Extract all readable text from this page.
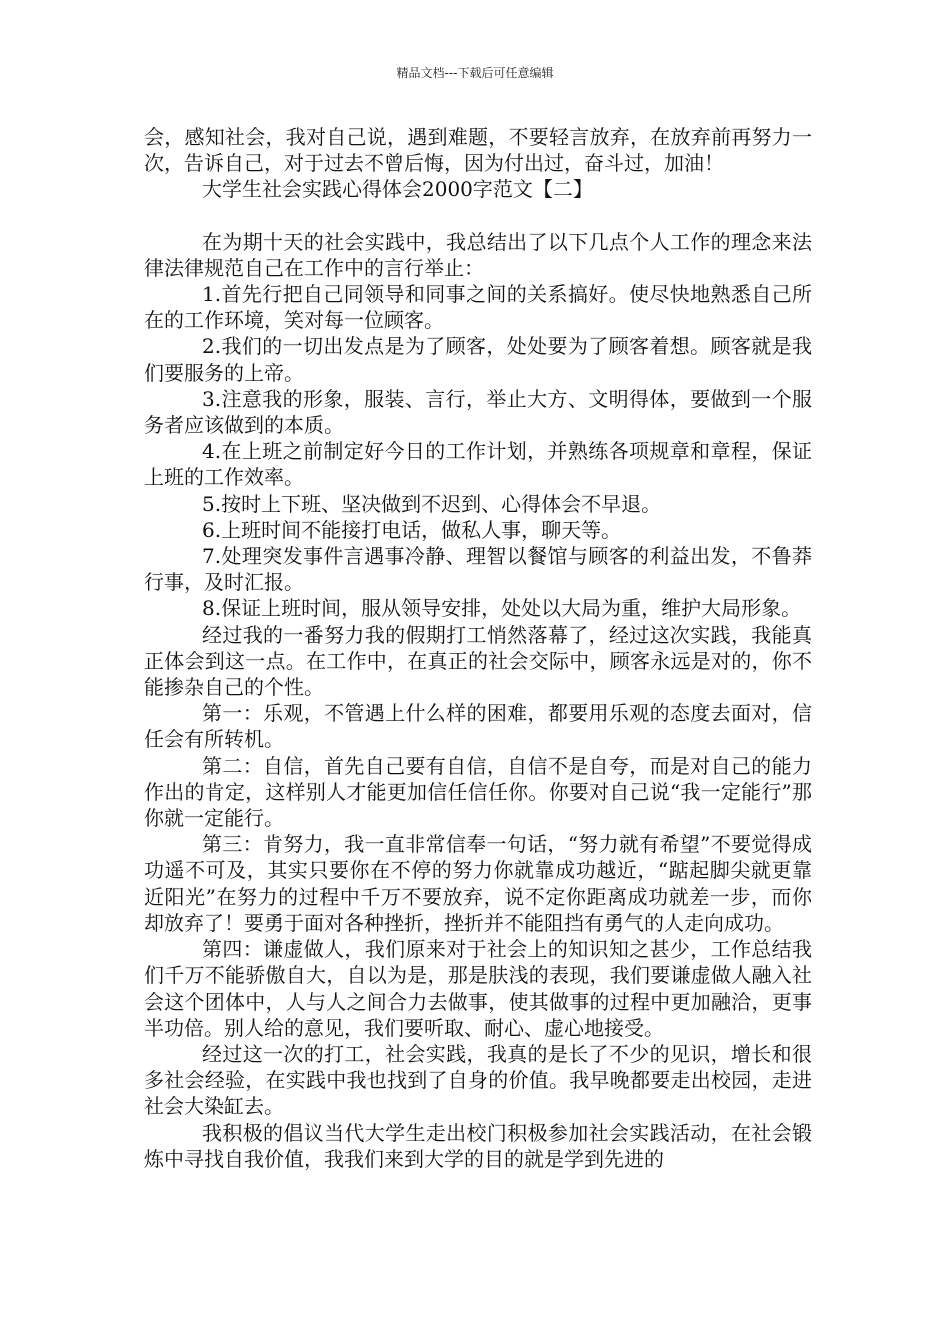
精品文档---下载后可任意编辑

会，感知社会，我对自己说，遇到难题，不要轻言放弃，在放弃前再努力一次，告诉自己，对于过去不曾后悔，因为付出过，奋斗过，加油！

大学生社会实践心得体会2000字范文【二】

在为期十天的社会实践中，我总结出了以下几点个人工作的理念来法律法律规范自己在工作中的言行举止：

1.首先行把自己同领导和同事之间的关系搞好。使尽快地熟悉自己所在的工作环境，笑对每一位顾客。

2.我们的一切出发点是为了顾客，处处要为了顾客着想。顾客就是我们要服务的上帝。

3.注意我的形象，服装、言行，举止大方、文明得体，要做到一个服务者应该做到的本质。

4.在上班之前制定好今日的工作计划，并熟练各项规章和章程，保证上班的工作效率。

5.按时上下班、坚决做到不迟到、心得体会不早退。

6.上班时间不能接打电话，做私人事，聊天等。

7.处理突发事件言遇事冷静、理智以餐馆与顾客的利益出发，不鲁莽行事，及时汇报。

8.保证上班时间，服从领导安排，处处以大局为重，维护大局形象。

经过我的一番努力我的假期打工悄然落幕了，经过这次实践，我能真正体会到这一点。在工作中，在真正的社会交际中，顾客永远是对的，你不能掺杂自己的个性。

第一：乐观，不管遇上什么样的困难，都要用乐观的态度去面对，信任会有所转机。

第二：自信，首先自己要有自信，自信不是自夸，而是对自己的能力作出的肯定，这样别人才能更加信任信任你。你要对自己说“我一定能行”那你就一定能行。

第三：肯努力，我一直非常信奉一句话，“努力就有希望”不要觉得成功遥不可及，其实只要你在不停的努力你就靠成功越近，“踮起脚尖就更靠近阳光”在努力的过程中千万不要放弃，说不定你距离成功就差一步，而你却放弃了！要勇于面对各种挫折，挫折并不能阻挡有勇气的人走向成功。

第四：谦虚做人，我们原来对于社会上的知识知之甚少，工作总结我们千万不能骄傲自大，自以为是，那是肤浅的表现，我们要谦虚做人融入社会这个团体中，人与人之间合力去做事，使其做事的过程中更加融洽，更事半功倍。别人给的意见，我们要听取、耐心、虚心地接受。

经过这一次的打工，社会实践，我真的是长了不少的见识，增长和很多社会经验，在实践中我也找到了自身的价值。我早晚都要走出校园，走进社会大染缸去。

我积极的倡议当代大学生走出校门积极参加社会实践活动，在社会锻炼中寻找自我价值，我我们来到大学的目的就是学到先进的
